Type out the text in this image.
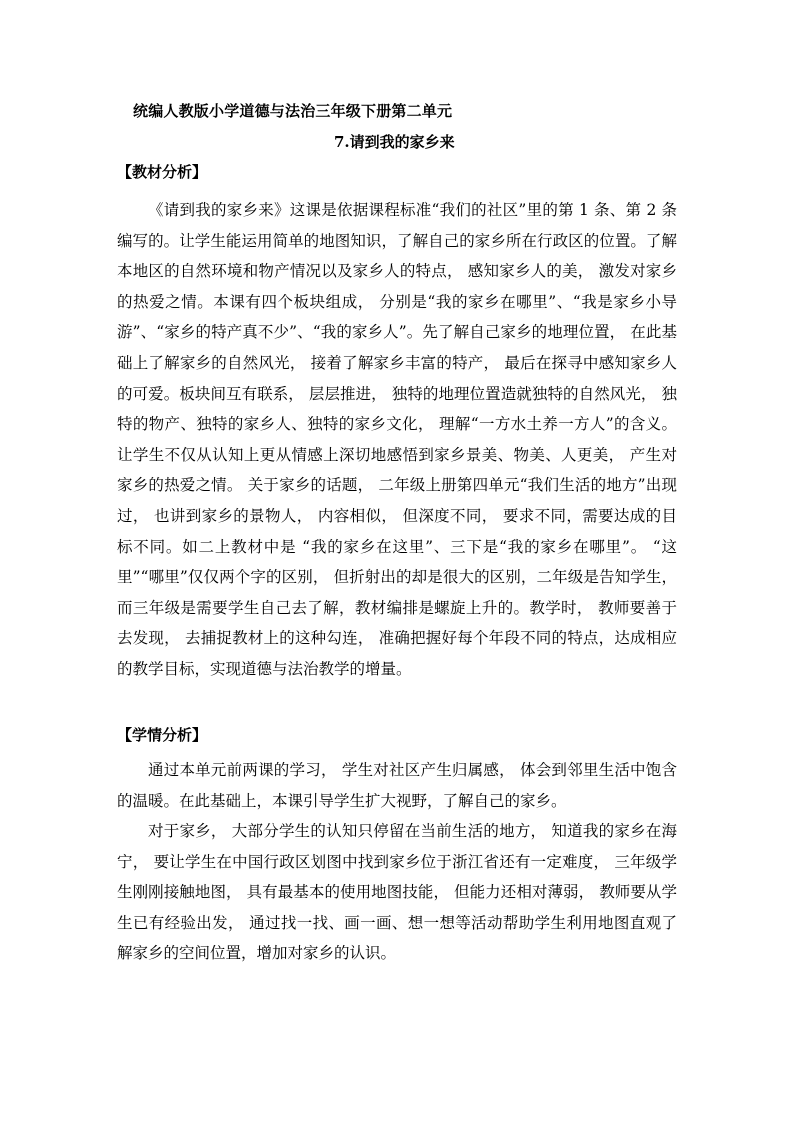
统编人教版小学道德与法治三年级下册第二单元
7.请到我的家乡来
【教材分析】

《请到我的家乡来》这课是依据课程标准“我们的社区”里的第 1 条、第 2 条编写的。让学生能运用简单的地图知识，了解自己的家乡所在行政区的位置。了解本地区的自然环境和物产情况以及家乡人的特点， 感知家乡人的美， 激发对家乡的热爱之情。本课有四个板块组成， 分别是“我的家乡在哪里”、“我是家乡小导游”、“家乡的特产真不少”、“我的家乡人”。先了解自己家乡的地理位置， 在此基础上了解家乡的自然风光， 接着了解家乡丰富的特产， 最后在探寻中感知家乡人的可爱。板块间互有联系， 层层推进， 独特的地理位置造就独特的自然风光， 独特的物产、独特的家乡人、独特的家乡文化， 理解“一方水土养一方人”的含义。让学生不仅从认知上更从情感上深切地感悟到家乡景美、物美、人更美， 产生对家乡的热爱之情。 关于家乡的话题， 二年级上册第四单元“我们生活的地方”出现过， 也讲到家乡的景物人， 内容相似， 但深度不同， 要求不同，需要达成的目标不同。如二上教材中是 “我的家乡在这里”、三下是“我的家乡在哪里”。 “这里”“哪里”仅仅两个字的区别， 但折射出的却是很大的区别，二年级是告知学生，而三年级是需要学生自己去了解，教材编排是螺旋上升的。教学时， 教师要善于去发现， 去捕捉教材上的这种勾连， 准确把握好每个年段不同的特点，达成相应的教学目标，实现道德与法治教学的增量。

【学情分析】

通过本单元前两课的学习， 学生对社区产生归属感， 体会到邻里生活中饱含的温暖。在此基础上，本课引导学生扩大视野，了解自己的家乡。

对于家乡， 大部分学生的认知只停留在当前生活的地方， 知道我的家乡在海宁， 要让学生在中国行政区划图中找到家乡位于浙江省还有一定难度， 三年级学生刚刚接触地图， 具有最基本的使用地图技能， 但能力还相对薄弱， 教师要从学生已有经验出发， 通过找一找、画一画、想一想等活动帮助学生利用地图直观了解家乡的空间位置，增加对家乡的认识。
